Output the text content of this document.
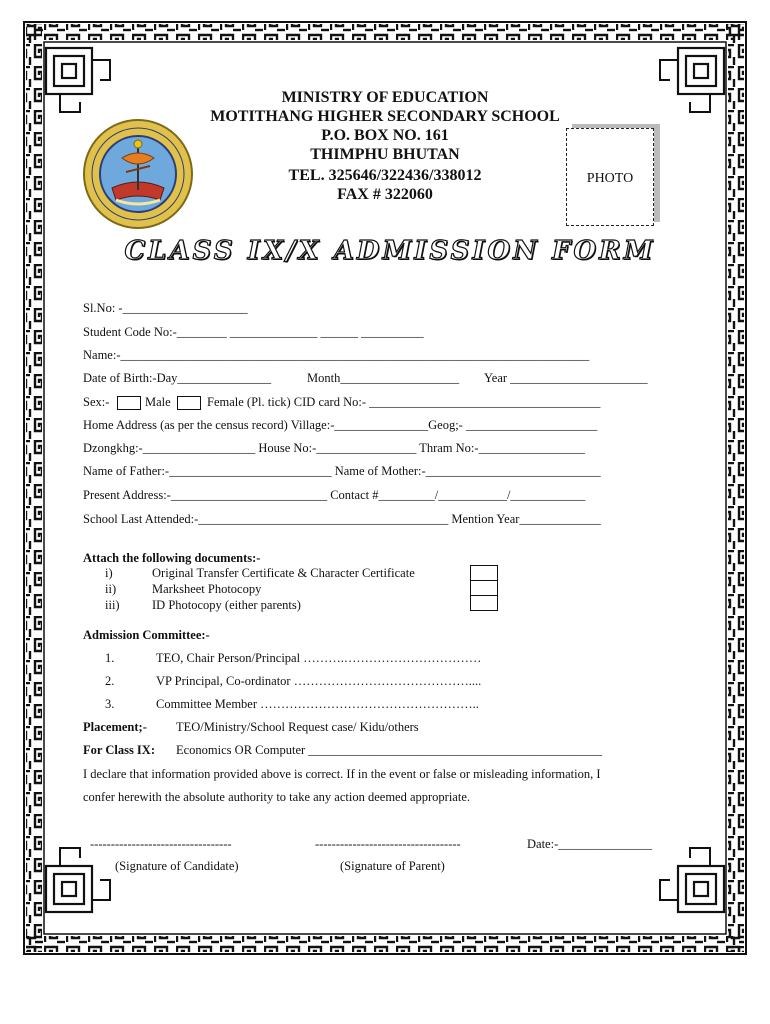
MINISTRY OF EDUCATION
MOTITHANG HIGHER SECONDARY SCHOOL
P.O. BOX NO. 161
THIMPHU BHUTAN
TEL. 325646/322436/338012
FAX # 322060
PHOTO
CLASS IX/X ADMISSION FORM
Sl.No: -____________________
Student Code No:-________ ______________ ______ __________
Name:-___________________________________________________________________________
Date of Birth:-Day_______________	Month___________________ Year ______________________
Sex:-	Male	Female (Pl. tick) CID card No:- _____________________________________
Home Address (as per the census record) Village:-_______________Geog;- _____________________
Dzongkhg:-__________________ House No:-________________ Thram No:-_________________
Name of Father:-__________________________ Name of Mother:-____________________________
Present Address:-_________________________ Contact #_________/___________/____________
School Last Attended:-________________________________________ Mention Year_____________
Attach the following documents:-
i)	Original Transfer Certificate & Character Certificate
ii)	Marksheet Photocopy
iii)	ID Photocopy (either parents)
Admission Committee:-
1.	TEO, Chair Person/Principal ……….……………………………
2.	VP Principal, Co-ordinator ……………………………………....
3.	Committee Member ……………………………………………..
Placement;- TEO/Ministry/School Request case/ Kidu/others
For Class IX: Economics OR Computer _______________________________________________
I declare that information provided above is correct. If in the event or false or misleading information, I
confer herewith the absolute authority to take any action deemed appropriate.
----------------------------------	-----------------------------------	Date:-_______________
(Signature of Candidate)	(Signature of Parent)
